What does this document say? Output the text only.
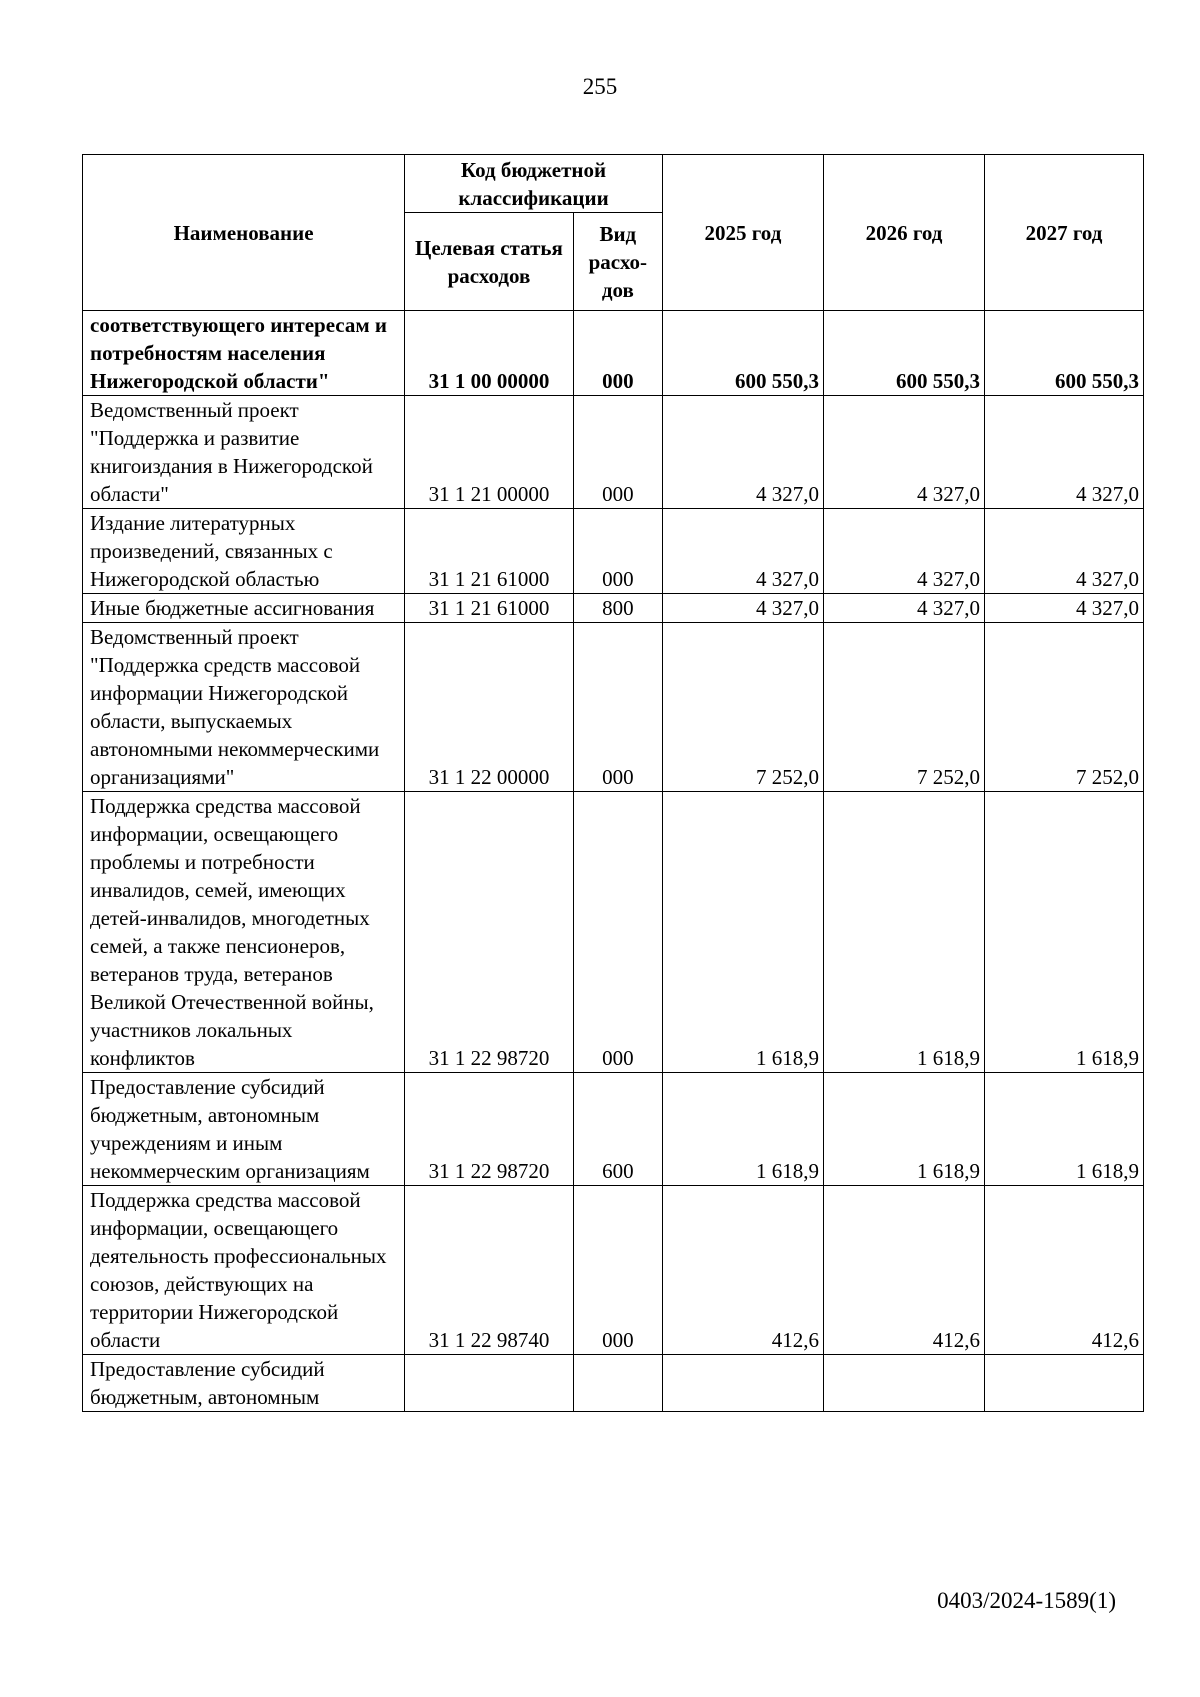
255
Наименование	Код бюджетной классификации		2025 год	2026 год	2027 год
	Целевая статья расходов	Вид расхо-дов			
соответствующего интересам и потребностям населения Нижегородской области"	31 1 00 00000	000	600 550,3	600 550,3	600 550,3
Ведомственный проект "Поддержка и развитие книгоиздания в Нижегородской области"	31 1 21 00000	000	4 327,0	4 327,0	4 327,0
Издание литературных произведений, связанных с Нижегородской областью	31 1 21 61000	000	4 327,0	4 327,0	4 327,0
Иные бюджетные ассигнования	31 1 21 61000	800	4 327,0	4 327,0	4 327,0
Ведомственный проект "Поддержка средств массовой информации Нижегородской области, выпускаемых автономными некоммерческими организациями"	31 1 22 00000	000	7 252,0	7 252,0	7 252,0
Поддержка средства массовой информации, освещающего проблемы и потребности инвалидов, семей, имеющих детей-инвалидов, многодетных семей, а также пенсионеров, ветеранов труда, ветеранов Великой Отечественной войны, участников локальных конфликтов	31 1 22 98720	000	1 618,9	1 618,9	1 618,9
Предоставление субсидий бюджетным, автономным учреждениям и иным некоммерческим организациям	31 1 22 98720	600	1 618,9	1 618,9	1 618,9
Поддержка средства массовой информации, освещающего деятельность профессиональных союзов, действующих на территории Нижегородской области	31 1 22 98740	000	412,6	412,6	412,6
Предоставление субсидий бюджетным, автономным					
0403/2024-1589(1)
